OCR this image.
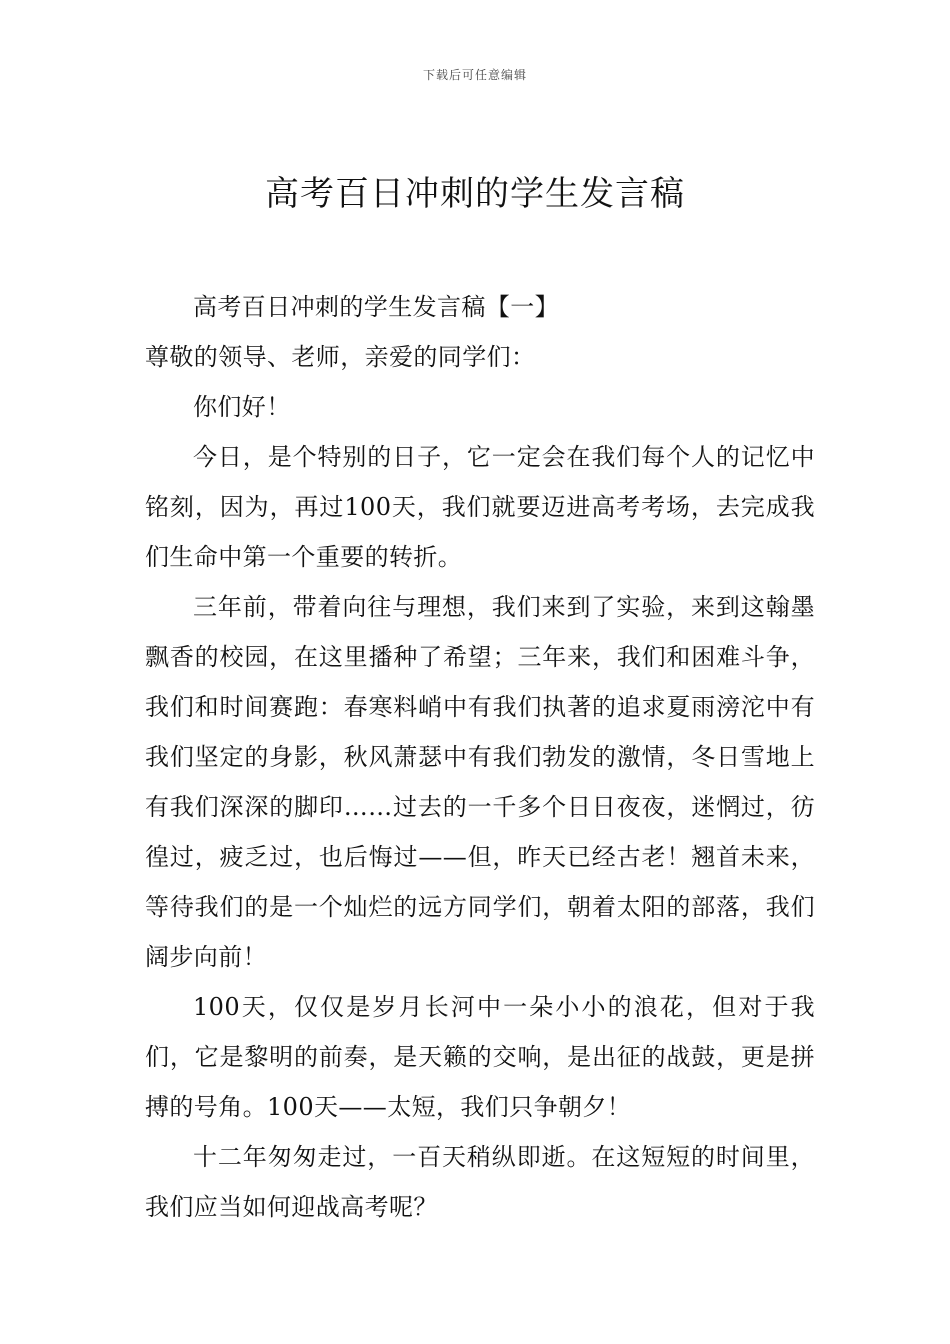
下载后可任意编辑
高考百日冲刺的学生发言稿

高考百日冲刺的学生发言稿【一】

尊敬的领导、老师，亲爱的同学们：

你们好！

今日，是个特别的日子，它一定会在我们每个人的记忆中铭刻，因为，再过100天，我们就要迈进高考考场，去完成我们生命中第一个重要的转折。

三年前，带着向往与理想，我们来到了实验，来到这翰墨飘香的校园，在这里播种了希望；三年来，我们和困难斗争，我们和时间赛跑：春寒料峭中有我们执著的追求夏雨滂沱中有我们坚定的身影，秋风萧瑟中有我们勃发的激情，冬日雪地上有我们深深的脚印……过去的一千多个日日夜夜，迷惘过，彷徨过，疲乏过，也后悔过——但，昨天已经古老！翘首未来，等待我们的是一个灿烂的远方同学们，朝着太阳的部落，我们阔步向前！

100天，仅仅是岁月长河中一朵小小的浪花，但对于我们，它是黎明的前奏，是天籁的交响，是出征的战鼓，更是拼搏的号角。100天——太短，我们只争朝夕！

十二年匆匆走过，一百天稍纵即逝。在这短短的时间里，我们应当如何迎战高考呢？
